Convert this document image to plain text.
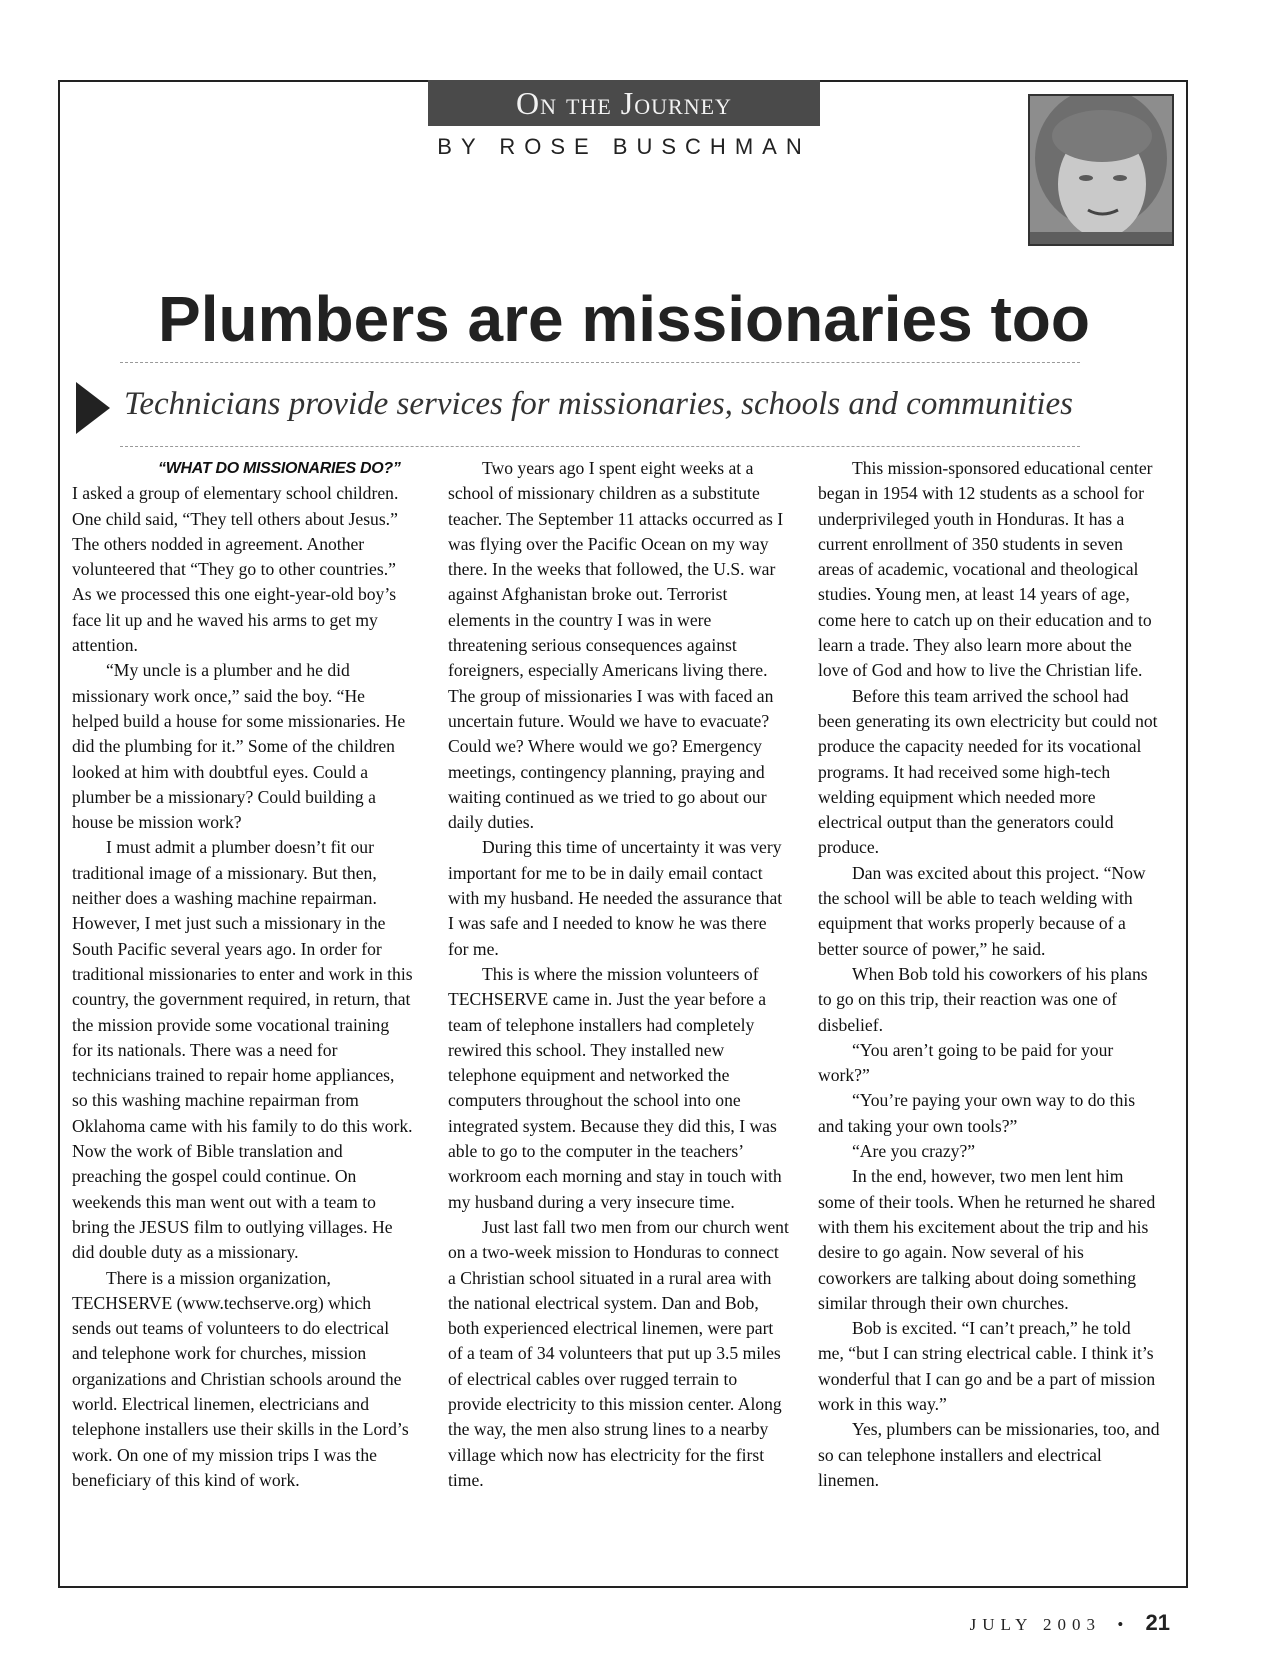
On the Journey
BY ROSE BUSCHMAN
Plumbers are missionaries too
Technicians provide services for missionaries, schools and communities

“WHAT DO MISSIONARIES DO?”

I asked a group of elementary school children. One child said, “They tell others about Jesus.” The others nodded in agreement. Another volunteered that “They go to other countries.” As we processed this one eight-year-old boy’s face lit up and he waved his arms to get my attention.

“My uncle is a plumber and he did missionary work once,” said the boy. “He helped build a house for some missionaries. He did the plumbing for it.” Some of the children looked at him with doubtful eyes. Could a plumber be a missionary? Could building a house be mission work?

I must admit a plumber doesn’t fit our traditional image of a missionary. But then, neither does a washing machine repairman. However, I met just such a missionary in the South Pacific several years ago. In order for traditional missionaries to enter and work in this country, the government required, in return, that the mission provide some vocational training for its nationals. There was a need for technicians trained to repair home appliances, so this washing machine repairman from Oklahoma came with his family to do this work. Now the work of Bible translation and preaching the gospel could continue. On weekends this man went out with a team to bring the JESUS film to outlying villages. He did double duty as a missionary.

There is a mission organization, TECHSERVE (www.techserve.org) which sends out teams of volunteers to do electrical and telephone work for churches, mission organizations and Christian schools around the world. Electrical linemen, electricians and telephone installers use their skills in the Lord’s work. On one of my mission trips I was the beneficiary of this kind of work.

Two years ago I spent eight weeks at a school of missionary children as a substitute teacher. The September 11 attacks occurred as I was flying over the Pacific Ocean on my way there. In the weeks that followed, the U.S. war against Afghanistan broke out. Terrorist elements in the country I was in were threatening serious consequences against foreigners, especially Americans living there. The group of missionaries I was with faced an uncertain future. Would we have to evacuate? Could we? Where would we go? Emergency meetings, contingency planning, praying and waiting continued as we tried to go about our daily duties.

During this time of uncertainty it was very important for me to be in daily email contact with my husband. He needed the assurance that I was safe and I needed to know he was there for me.

This is where the mission volunteers of TECHSERVE came in. Just the year before a team of telephone installers had completely rewired this school. They installed new telephone equipment and networked the computers throughout the school into one integrated system. Because they did this, I was able to go to the computer in the teachers’ workroom each morning and stay in touch with my husband during a very insecure time.

Just last fall two men from our church went on a two-week mission to Honduras to connect a Christian school situated in a rural area with the national electrical system. Dan and Bob, both experienced electrical linemen, were part of a team of 34 volunteers that put up 3.5 miles of electrical cables over rugged terrain to provide electricity to this mission center. Along the way, the men also strung lines to a nearby village which now has electricity for the first time.

This mission-sponsored educational center began in 1954 with 12 students as a school for underprivileged youth in Honduras. It has a current enrollment of 350 students in seven areas of academic, vocational and theological studies. Young men, at least 14 years of age, come here to catch up on their education and to learn a trade. They also learn more about the love of God and how to live the Christian life.

Before this team arrived the school had been generating its own electricity but could not produce the capacity needed for its vocational programs. It had received some high-tech welding equipment which needed more electrical output than the generators could produce.

Dan was excited about this project. “Now the school will be able to teach welding with equipment that works properly because of a better source of power,” he said.

When Bob told his coworkers of his plans to go on this trip, their reaction was one of disbelief.

“You aren’t going to be paid for your work?”

“You’re paying your own way to do this and taking your own tools?”

“Are you crazy?”

In the end, however, two men lent him some of their tools. When he returned he shared with them his excitement about the trip and his desire to go again. Now several of his coworkers are talking about doing something similar through their own churches.

Bob is excited. “I can’t preach,” he told me, “but I can string electrical cable. I think it’s wonderful that I can go and be a part of mission work in this way.”

Yes, plumbers can be missionaries, too, and so can telephone installers and electrical linemen.

JULY 2003 • 21
